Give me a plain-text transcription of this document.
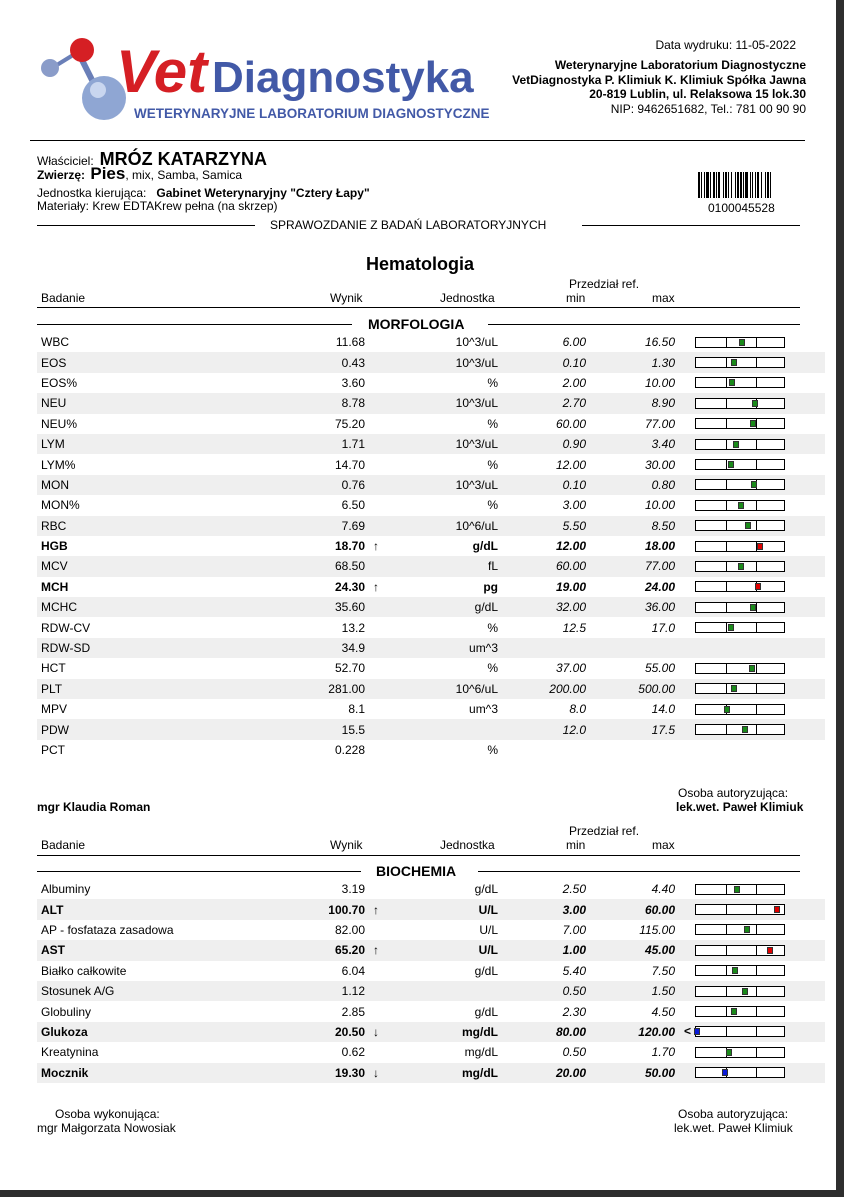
Vet Diagnostyka
WETERYNARYJNE LABORATORIUM DIAGNOSTYCZNE
Data wydruku: 11-05-2022
Weterynaryjne Laboratorium Diagnostyczne
VetDiagnostyka P. Klimiuk K. Klimiuk Spółka Jawna
20-819 Lublin, ul. Relaksowa 15 lok.30
NIP: 9462651682, Tel.: 781 00 90 90
Właściciel: MRÓZ KATARZYNA
Zwierzę: Pies, mix, Samba, Samica
Jednostka kierująca: Gabinet Weterynaryjny "Cztery Łapy"
Materiały: Krew EDTAKrew pełna (na skrzep)	0100045528
SPRAWOZDANIE Z BADAŃ LABORATORYJNYCH
Hematologia
Badanie	Wynik	Jednostka
Przedział ref.
min	max
MORFOLOGIA
WBC	11.68		10^3/uL	6.00	16.50	

EOS	0.43		10^3/uL	0.10	1.30	

EOS%	3.60		%	2.00	10.00	

NEU	8.78		10^3/uL	2.70	8.90	

NEU%	75.20		%	60.00	77.00	

LYM	1.71		10^3/uL	0.90	3.40	

LYM%	14.70		%	12.00	30.00	

MON	0.76		10^3/uL	0.10	0.80	

MON%	6.50		%	3.00	10.00	

RBC	7.69		10^6/uL	5.50	8.50	

HGB	18.70	↑	g/dL	12.00	18.00	

MCV	68.50		fL	60.00	77.00	

MCH	24.30	↑	pg	19.00	24.00	

MCHC	35.60		g/dL	32.00	36.00	

RDW-CV	13.2		%	12.5	17.0	

RDW-SD	34.9		um^3			
HCT	52.70		%	37.00	55.00	

PLT	281.00		10^6/uL	200.00	500.00	

MPV	8.1		um^3	8.0	14.0	

PDW	15.5			12.0	17.5	

PCT	0.228		%			
mgr Klaudia Roman
Osoba autoryzująca:
lek.wet. Paweł Klimiuk
Przedział ref.
Badanie	Wynik	Jednostka	min	max
BIOCHEMIA
Albuminy	3.19		g/dL	2.50	4.40	

ALT	100.70	↑	U/L	3.00	60.00	

AP - fosfataza zasadowa	82.00		U/L	7.00	115.00	

AST	65.20	↑	U/L	1.00	45.00	

Białko całkowite	6.04		g/dL	5.40	7.50	

Stosunek A/G	1.12			0.50	1.50	

Globuliny	2.85		g/dL	2.30	4.50	

Glukoza	20.50	↓	mg/dL	80.00	120.00	<

Kreatynina	0.62		mg/dL	0.50	1.70	

Mocznik	19.30	↓	mg/dL	20.00	50.00	
Osoba wykonująca:
mgr Małgorzata Nowosiak
Osoba autoryzująca:
lek.wet. Paweł Klimiuk
